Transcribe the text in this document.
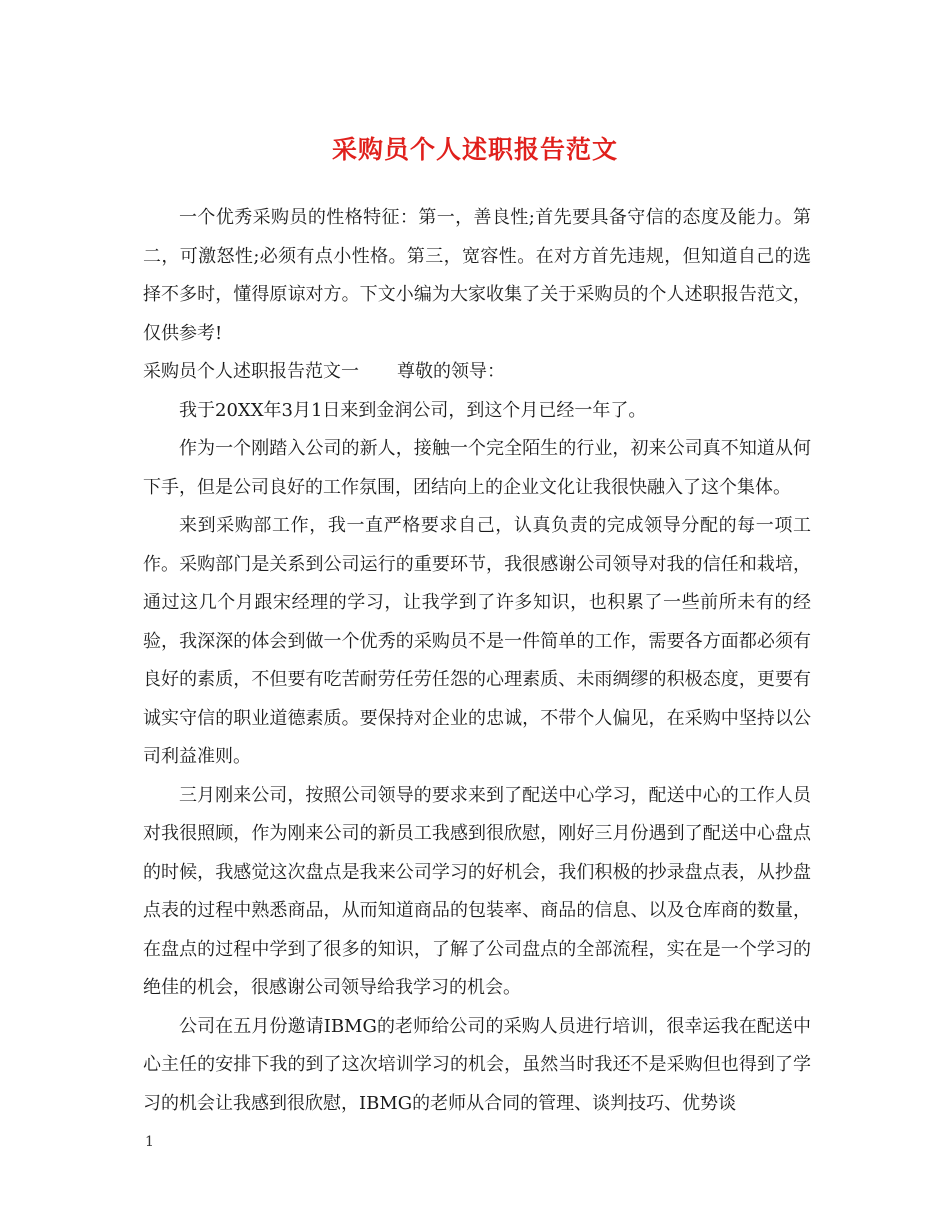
采购员个人述职报告范文

一个优秀采购员的性格特征：第一，善良性;首先要具备守信的态度及能力。第二，可激怒性;必须有点小性格。第三，宽容性。在对方首先违规，但知道自己的选择不多时，懂得原谅对方。下文小编为大家收集了关于采购员的个人述职报告范文，仅供参考!

采购员个人述职报告范文一 尊敬的领导：

我于20XX年3月1日来到金润公司，到这个月已经一年了。

作为一个刚踏入公司的新人，接触一个完全陌生的行业，初来公司真不知道从何下手，但是公司良好的工作氛围，团结向上的企业文化让我很快融入了这个集体。

来到采购部工作，我一直严格要求自己，认真负责的完成领导分配的每一项工作。采购部门是关系到公司运行的重要环节，我很感谢公司领导对我的信任和栽培，通过这几个月跟宋经理的学习，让我学到了许多知识，也积累了一些前所未有的经验，我深深的体会到做一个优秀的采购员不是一件简单的工作，需要各方面都必须有良好的素质，不但要有吃苦耐劳任劳任怨的心理素质、未雨绸缪的积极态度，更要有诚实守信的职业道德素质。要保持对企业的忠诚，不带个人偏见，在采购中坚持以公司利益准则。

三月刚来公司，按照公司领导的要求来到了配送中心学习，配送中心的工作人员对我很照顾，作为刚来公司的新员工我感到很欣慰，刚好三月份遇到了配送中心盘点的时候，我感觉这次盘点是我来公司学习的好机会，我们积极的抄录盘点表，从抄盘点表的过程中熟悉商品，从而知道商品的包装率、商品的信息、以及仓库商的数量，在盘点的过程中学到了很多的知识，了解了公司盘点的全部流程，实在是一个学习的绝佳的机会，很感谢公司领导给我学习的机会。

公司在五月份邀请IBMG的老师给公司的采购人员进行培训，很幸运我在配送中心主任的安排下我的到了这次培训学习的机会，虽然当时我还不是采购但也得到了学习的机会让我感到很欣慰，IBMG的老师从合同的管理、谈判技巧、优势谈

1
